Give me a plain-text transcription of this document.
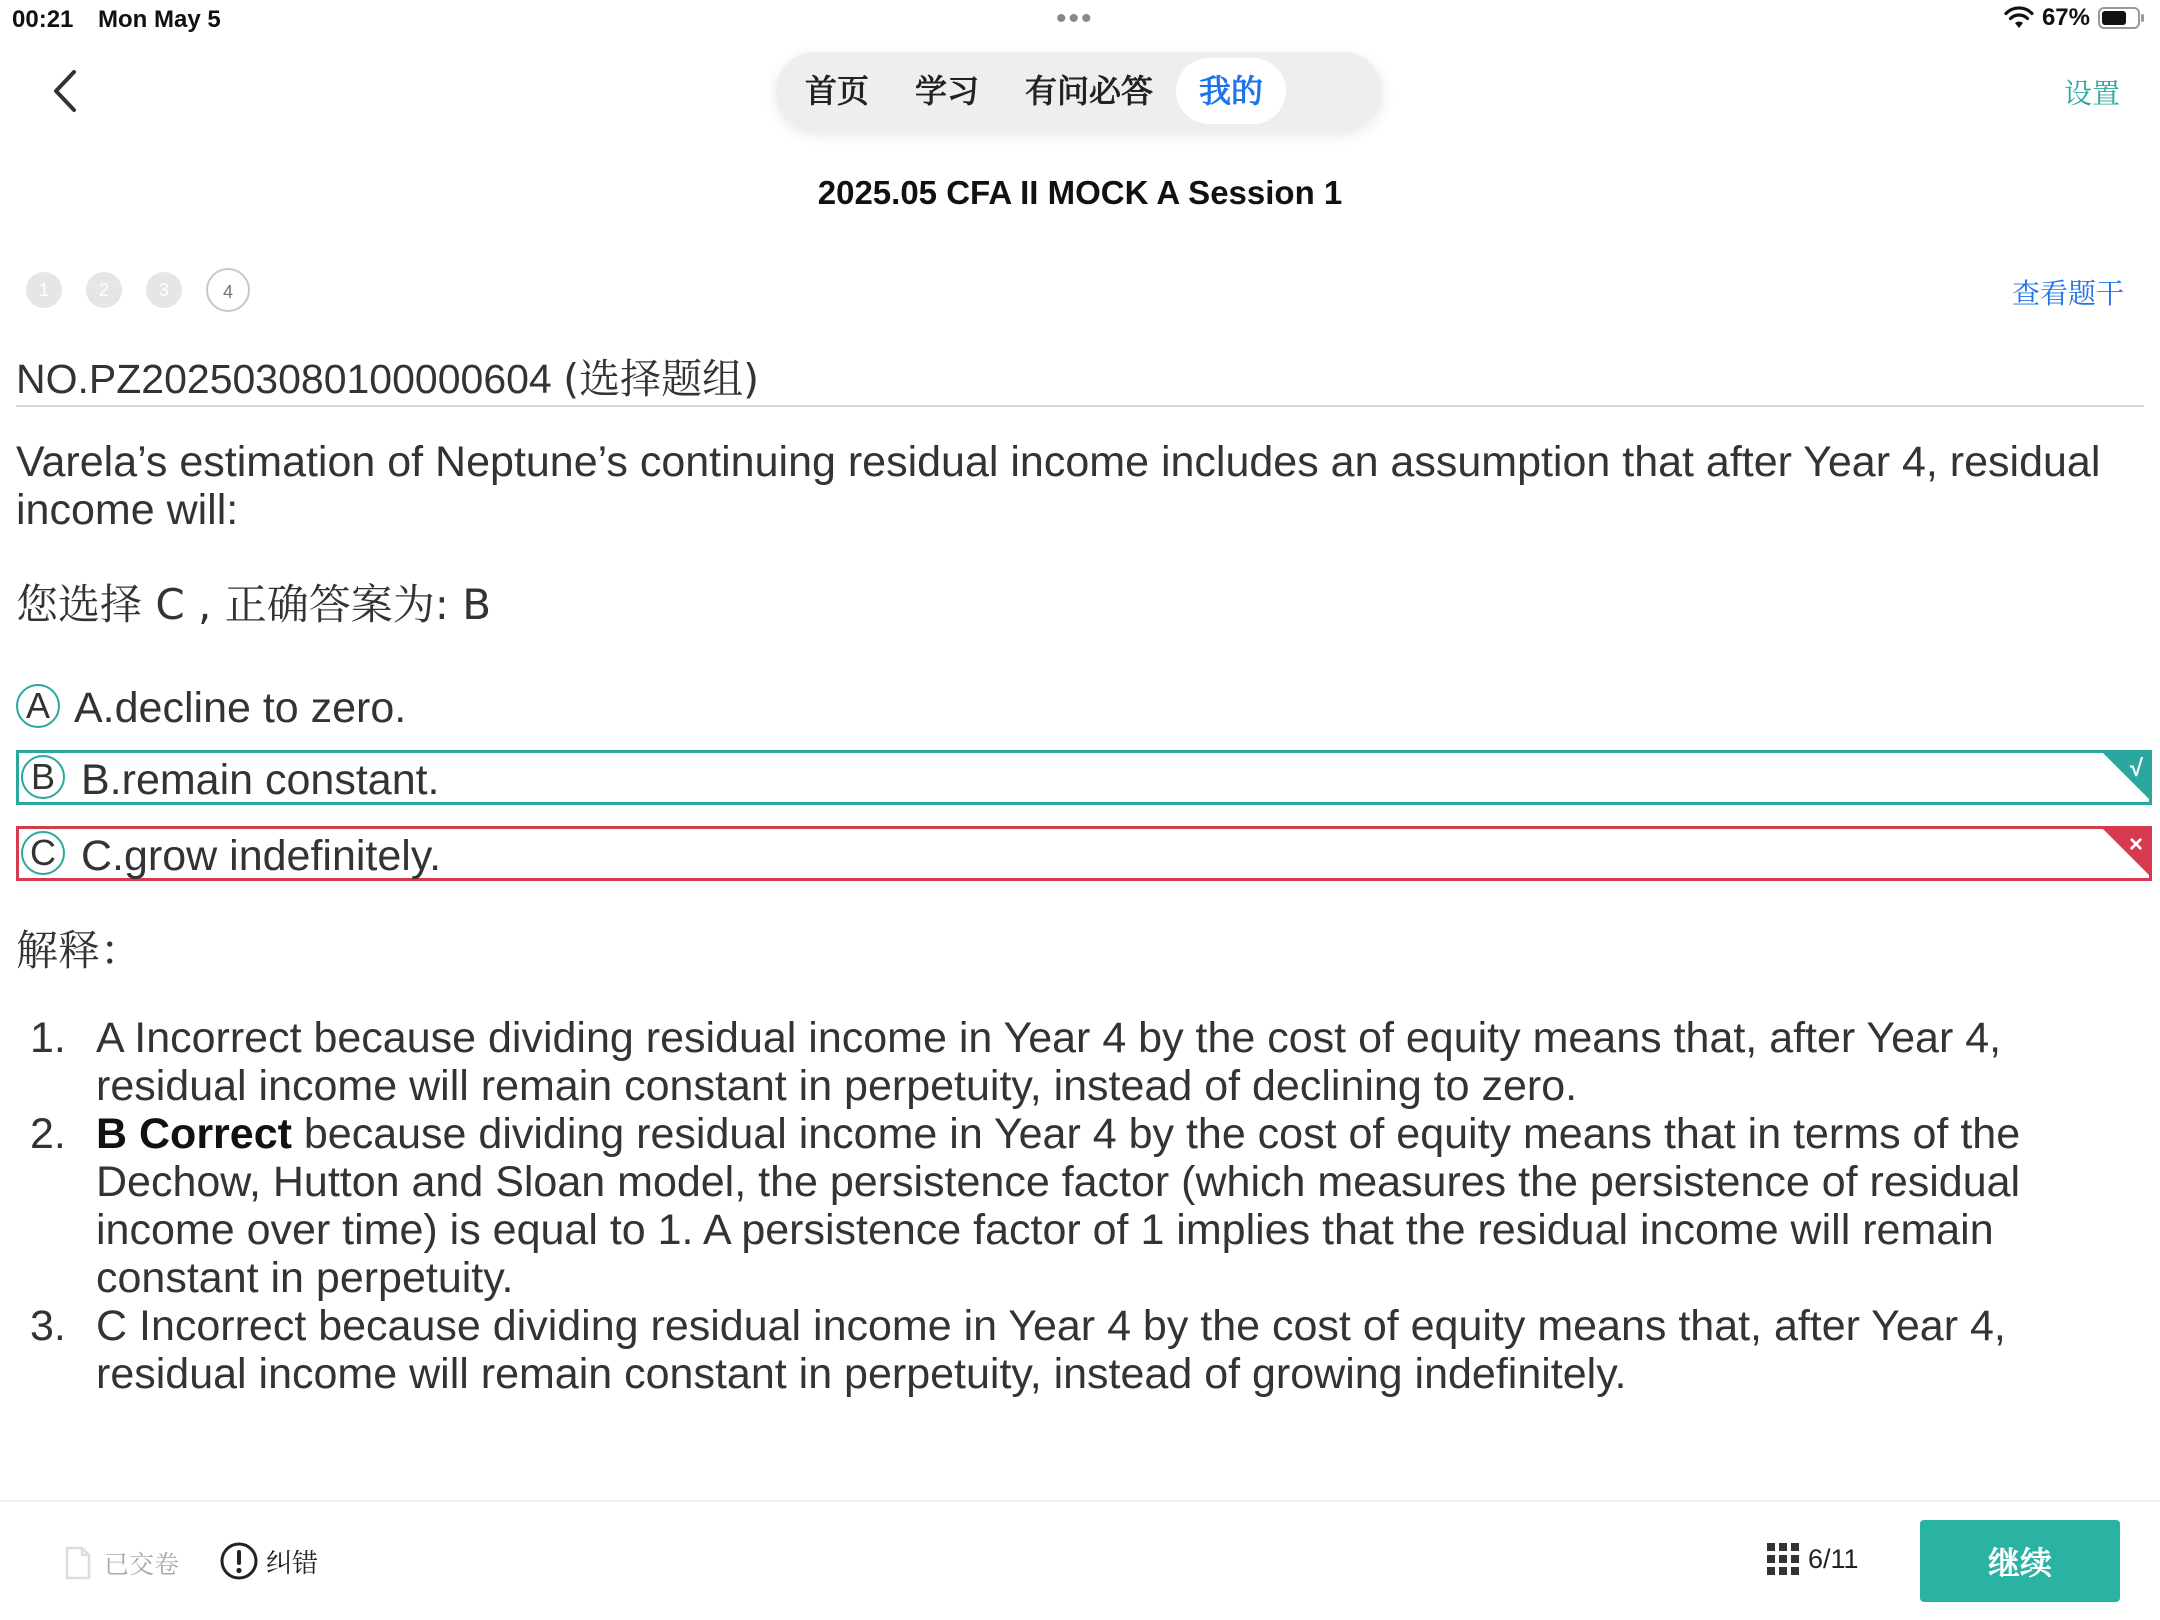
00:21 Mon May 5	•••	67%
首页	学习	有问必答	我的	设置
2025.05 CFA II MOCK A Session 1
1	2	3	4	查看题干
NO.PZ202503080100000604 (选择题组)
Varela’s estimation of Neptune’s continuing residual income includes an assumption that after Year 4, residual income will:
您选择 C , 正确答案为: B
A A.decline to zero.
B B.remain constant.	√
C C.grow indefinitely.	×
解释：
1. A Incorrect because dividing residual income in Year 4 by the cost of equity means that, after Year 4, residual income will remain constant in perpetuity, instead of declining to zero.
2. B Correct because dividing residual income in Year 4 by the cost of equity means that in terms of the Dechow, Hutton and Sloan model, the persistence factor (which measures the persistence of residual income over time) is equal to 1. A persistence factor of 1 implies that the residual income will remain constant in perpetuity.
3. C Incorrect because dividing residual income in Year 4 by the cost of equity means that, after Year 4, residual income will remain constant in perpetuity, instead of growing indefinitely.
已交卷	纠错	6/11	继续
